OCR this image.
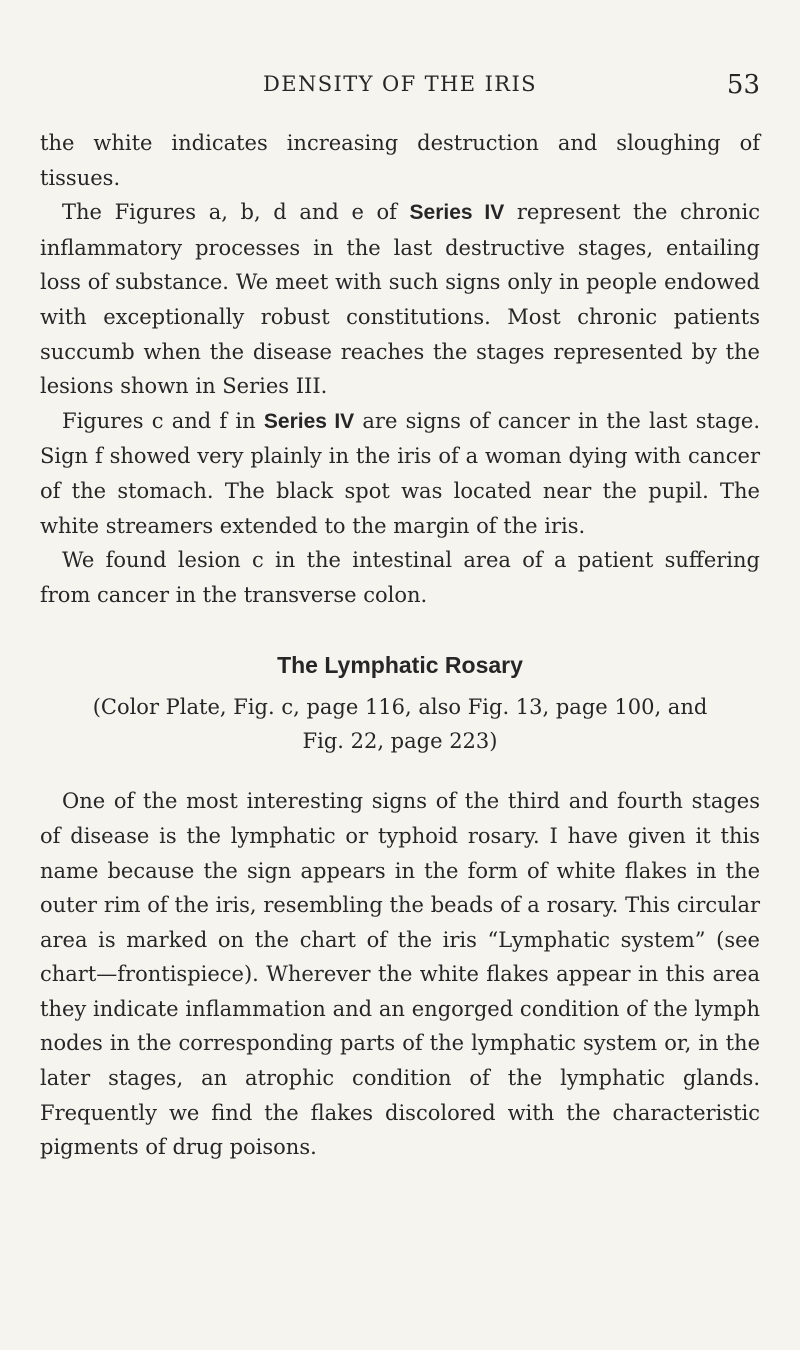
DENSITY OF THE IRIS	53

the white indicates increasing destruction and sloughing of tissues.

The Figures a, b, d and e of Series IV represent the chronic inflammatory processes in the last destructive stages, entailing loss of substance. We meet with such signs only in people endowed with exceptionally robust constitutions. Most chronic patients succumb when the disease reaches the stages represented by the lesions shown in Series III.

Figures c and f in Series IV are signs of cancer in the last stage. Sign f showed very plainly in the iris of a woman dying with cancer of the stomach. The black spot was located near the pupil. The white streamers extended to the margin of the iris.

We found lesion c in the intestinal area of a patient suffering from cancer in the transverse colon.

The Lymphatic Rosary
(Color Plate, Fig. c, page 116, also Fig. 13, page 100, and
Fig. 22, page 223)

One of the most interesting signs of the third and fourth stages of disease is the lymphatic or typhoid rosary. I have given it this name because the sign appears in the form of white flakes in the outer rim of the iris, resembling the beads of a rosary. This circular area is marked on the chart of the iris “Lymphatic system” (see chart—frontispiece). Wherever the white flakes appear in this area they indicate inflammation and an engorged condition of the lymph nodes in the corresponding parts of the lymphatic system or, in the later stages, an atrophic condition of the lymphatic glands. Frequently we find the flakes discolored with the characteristic pigments of drug poisons.
